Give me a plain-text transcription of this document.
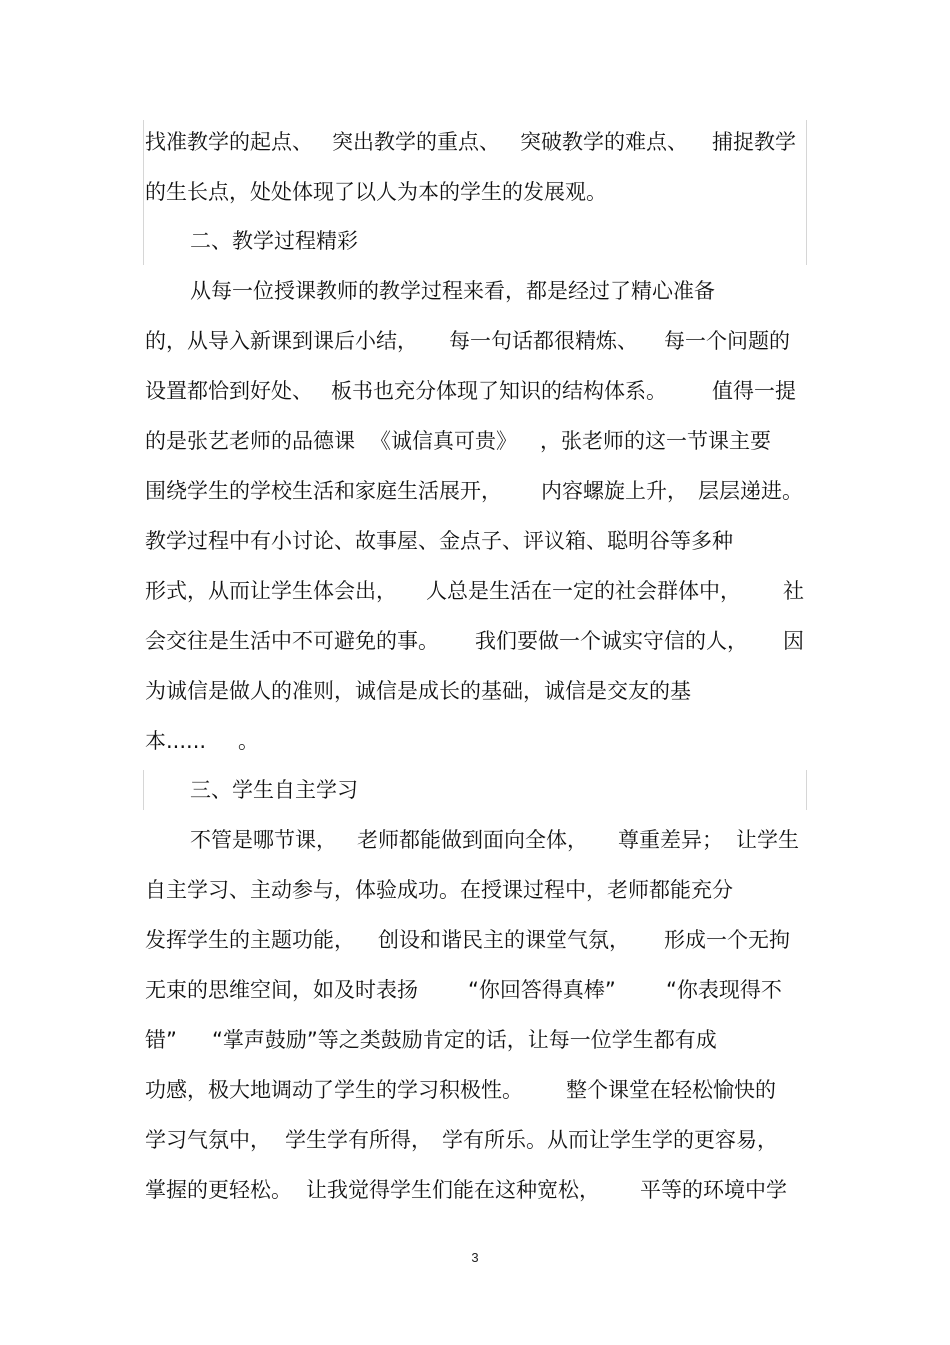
找准教学的起点、 突出教学的重点、 突破教学的难点、 捕捉教学
的生长点，处处体现了以人为本的学生的发展观。
二、教学过程精彩
从每一位授课教师的教学过程来看，都是经过了精心准备
的，从导入新课到课后小结， 每一句话都很精炼、 每一个问题的
设置都恰到好处、 板书也充分体现了知识的结构体系。 值得一提
的是张艺老师的品德课 《诚信真可贵》 ，张老师的这一节课主要
围绕学生的学校生活和家庭生活展开， 内容螺旋上升， 层层递进。
教学过程中有小讨论、故事屋、金点子、评议箱、聪明谷等多种
形式，从而让学生体会出， 人总是生活在一定的社会群体中， 社
会交往是生活中不可避免的事。 我们要做一个诚实守信的人， 因
为诚信是做人的准则，诚信是成长的基础，诚信是交友的基
本...... 。
三、学生自主学习
不管是哪节课， 老师都能做到面向全体， 尊重差异； 让学生
自主学习、主动参与，体验成功。在授课过程中，老师都能充分
发挥学生的主题功能， 创设和谐民主的课堂气氛， 形成一个无拘
无束的思维空间，如及时表扬 “你回答得真棒” “你表现得不
错” “掌声鼓励”等之类鼓励肯定的话，让每一位学生都有成
功感，极大地调动了学生的学习积极性。 整个课堂在轻松愉快的
学习气氛中， 学生学有所得， 学有所乐。从而让学生学的更容易，
掌握的更轻松。 让我觉得学生们能在这种宽松， 平等的环境中学
3
